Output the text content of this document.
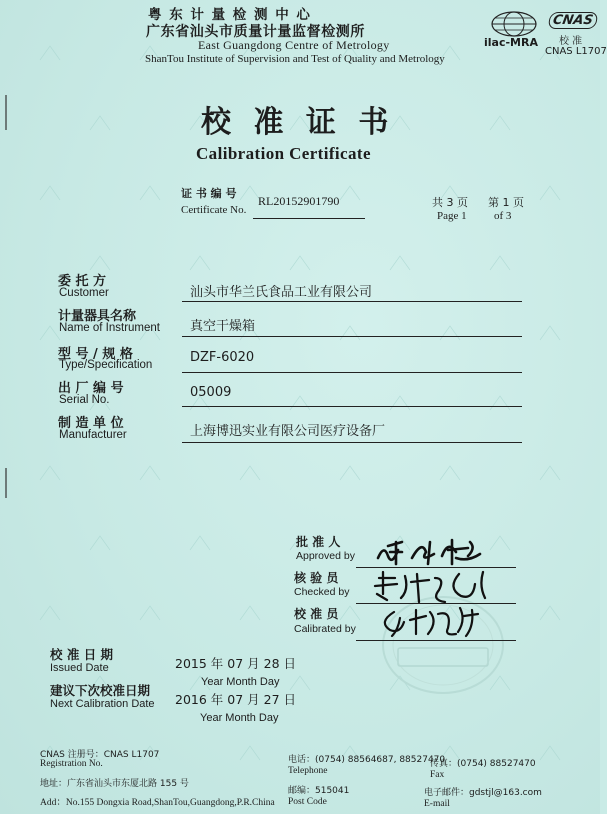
粤 东 计 量 检 测 中 心
广东省汕头市质量计量监督检测所
East Guangdong Centre of Metrology
ShanTou Institute of Supervision and Test of Quality and Metrology
ilac-MRA
CNAS
校 准
CNAS L1707
校 准 证 书
Calibration Certificate
证 书 编 号
Certificate No.
RL20152901790	共 3 页 第 1 页
Page 1 of 3
委 托 方
Customer	汕头市华兰氏食品工业有限公司
计量器具名称
Name of Instrument 真空干燥箱
型 号 / 规 格
Type/Specification	DZF-6020
出 厂 编 号
Serial No.	05009
制 造 单 位
Manufacturer	上海博迅实业有限公司医疗设备厂
批 准 人
Approved by
核 验 员
Checked by
校 准 员
Calibrated by
校 准 日 期
Issued Date	2015 年 07 月 28 日
Year Month Day
建议下次校准日期
Next Calibration Date 2016 年 07 月 27 日
Year Month Day
CNAS 注册号：CNAS L1707
Registration No.
地址：广东省汕头市东厦北路 155 号
Add：No.155 Dongxia Road,ShanTou,Guangdong,P.R.China
电话：(0754) 88564687, 88527470
Telephone
邮编：515041
Post Code
传真：(0754) 88527470
Fax
电子邮件：gdstjl@163.com
E-mail
